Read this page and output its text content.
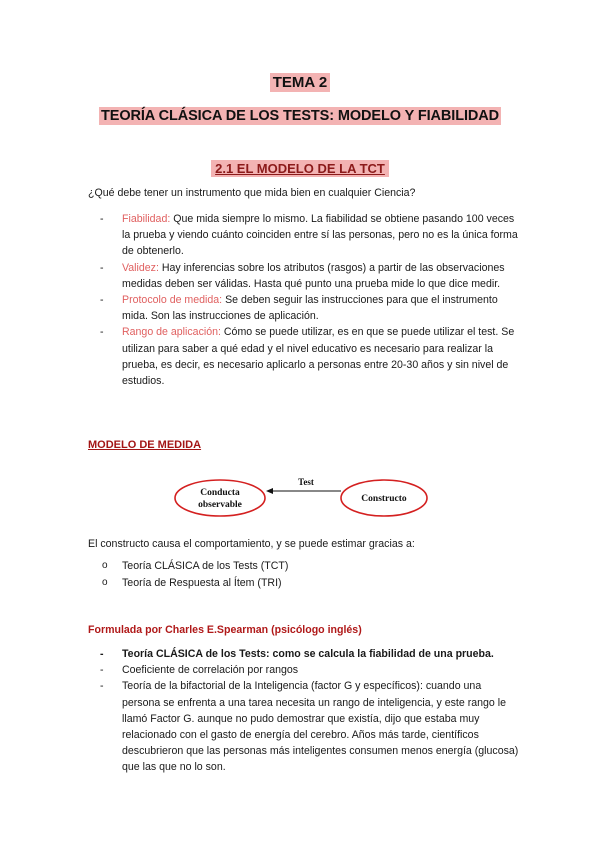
TEMA 2
TEORÍA CLÁSICA DE LOS TESTS: MODELO Y FIABILIDAD
2.1 EL MODELO DE LA TCT
¿Qué debe tener un instrumento que mida bien en cualquier Ciencia?
- Fiabilidad: Que mida siempre lo mismo. La fiabilidad se obtiene pasando 100 veces la prueba y viendo cuánto coinciden entre sí las personas, pero no es la única forma de obtenerlo.
- Validez: Hay inferencias sobre los atributos (rasgos) a partir de las observaciones medidas deben ser válidas. Hasta qué punto una prueba mide lo que dice medir.
- Protocolo de medida: Se deben seguir las instrucciones para que el instrumento mida. Son las instrucciones de aplicación.
- Rango de aplicación: Cómo se puede utilizar, es en que se puede utilizar el test. Se utilizan para saber a qué edad y el nivel educativo es necesario para realizar la prueba, es decir, es necesario aplicarlo a personas entre 20-30 años y sin nivel de estudios.
MODELO DE MEDIDA
Conducta
observable
Constructo
Test
El constructo causa el comportamiento, y se puede estimar gracias a:
o Teoría CLÁSICA de los Tests (TCT)
o Teoría de Respuesta al Ítem (TRI)
Formulada por Charles E.Spearman (psicólogo inglés)
- Teoría CLÁSICA de los Tests: como se calcula la fiabilidad de una prueba.
- Coeficiente de correlación por rangos
- Teoría de la bifactorial de la Inteligencia (factor G y específicos): cuando una persona se enfrenta a una tarea necesita un rango de inteligencia, y este rango le llamó Factor G. aunque no pudo demostrar que existía, dijo que estaba muy relacionado con el gasto de energía del cerebro. Años más tarde, científicos descubrieron que las personas más inteligentes consumen menos energía (glucosa) que las que no lo son.
